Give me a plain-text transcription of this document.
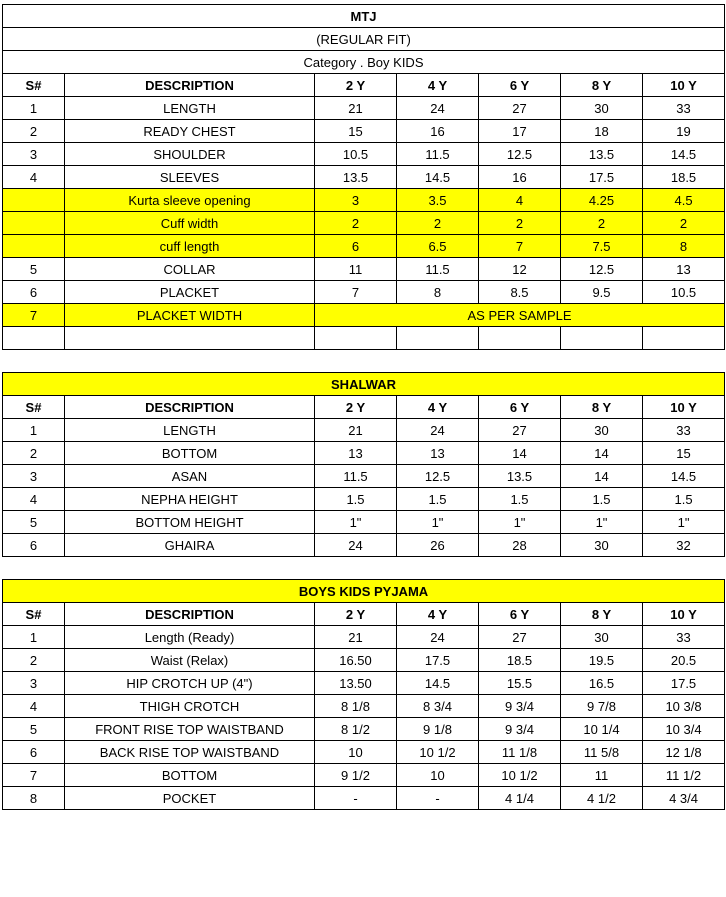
MTJ						
(REGULAR FIT)						
Category . Boy KIDS						
S#	DESCRIPTION	2 Y	4 Y	6 Y	8 Y	10 Y
1	LENGTH	21	24	27	30	33
2	READY CHEST	15	16	17	18	19
3	SHOULDER	10.5	11.5	12.5	13.5	14.5
4	SLEEVES	13.5	14.5	16	17.5	18.5
	Kurta sleeve opening	3	3.5	4	4.25	4.5
	Cuff width	2	2	2	2	2
	cuff length	6	6.5	7	7.5	8
5	COLLAR	11	11.5	12	12.5	13
6	PLACKET	7	8	8.5	9.5	10.5
7	PLACKET WIDTH	AS PER SAMPLE				

SHALWAR						
S#	DESCRIPTION	2 Y	4 Y	6 Y	8 Y	10 Y
1	LENGTH	21	24	27	30	33
2	BOTTOM	13	13	14	14	15
3	ASAN	11.5	12.5	13.5	14	14.5
4	NEPHA HEIGHT	1.5	1.5	1.5	1.5	1.5
5	BOTTOM HEIGHT	1"	1"	1"	1"	1"
6	GHAIRA	24	26	28	30	32

BOYS KIDS PYJAMA						
S#	DESCRIPTION	2 Y	4 Y	6 Y	8 Y	10 Y
1	Length (Ready)	21	24	27	30	33
2	Waist (Relax)	16.50	17.5	18.5	19.5	20.5
3	HIP CROTCH UP (4")	13.50	14.5	15.5	16.5	17.5
4	THIGH CROTCH	8 1/8	8 3/4	9 3/4	9 7/8	10 3/8
5	FRONT RISE TOP WAISTBAND	8 1/2	9 1/8	9 3/4	10 1/4	10 3/4
6	BACK RISE TOP WAISTBAND	10	10 1/2	11 1/8	11 5/8	12 1/8
7	BOTTOM	9 1/2	10	10 1/2	11	11 1/2
8	POCKET	-	-	4 1/4	4 1/2	4 3/4
